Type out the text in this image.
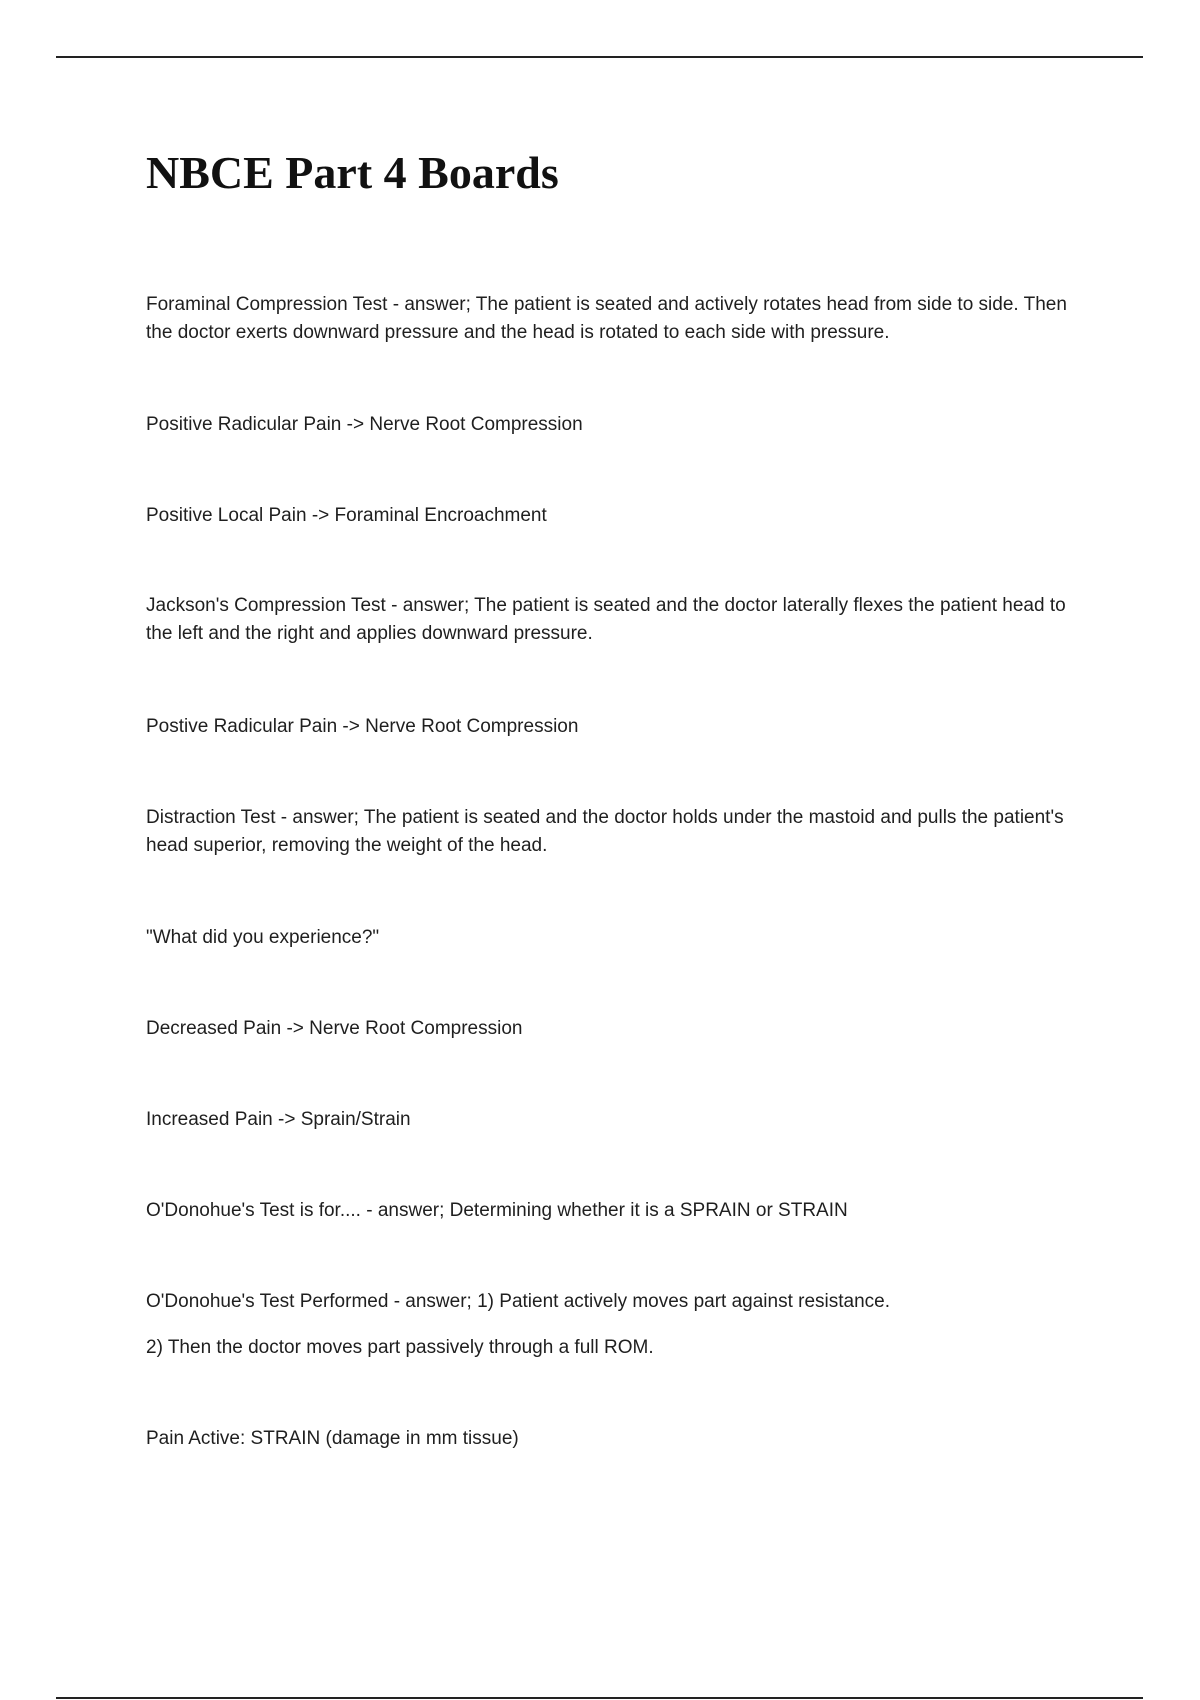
NBCE Part 4 Boards

Foraminal Compression Test - answer; The patient is seated and actively rotates head from side to side. Then the doctor exerts downward pressure and the head is rotated to each side with pressure.

Positive Radicular Pain -> Nerve Root Compression

Positive Local Pain -> Foraminal Encroachment

Jackson's Compression Test - answer; The patient is seated and the doctor laterally flexes the patient head to the left and the right and applies downward pressure.

Postive Radicular Pain -> Nerve Root Compression

Distraction Test - answer; The patient is seated and the doctor holds under the mastoid and pulls the patient's head superior, removing the weight of the head.

"What did you experience?"

Decreased Pain -> Nerve Root Compression

Increased Pain -> Sprain/Strain

O'Donohue's Test is for.... - answer; Determining whether it is a SPRAIN or STRAIN

O'Donohue's Test Performed - answer; 1) Patient actively moves part against resistance.

2) Then the doctor moves part passively through a full ROM.

Pain Active: STRAIN (damage in mm tissue)
